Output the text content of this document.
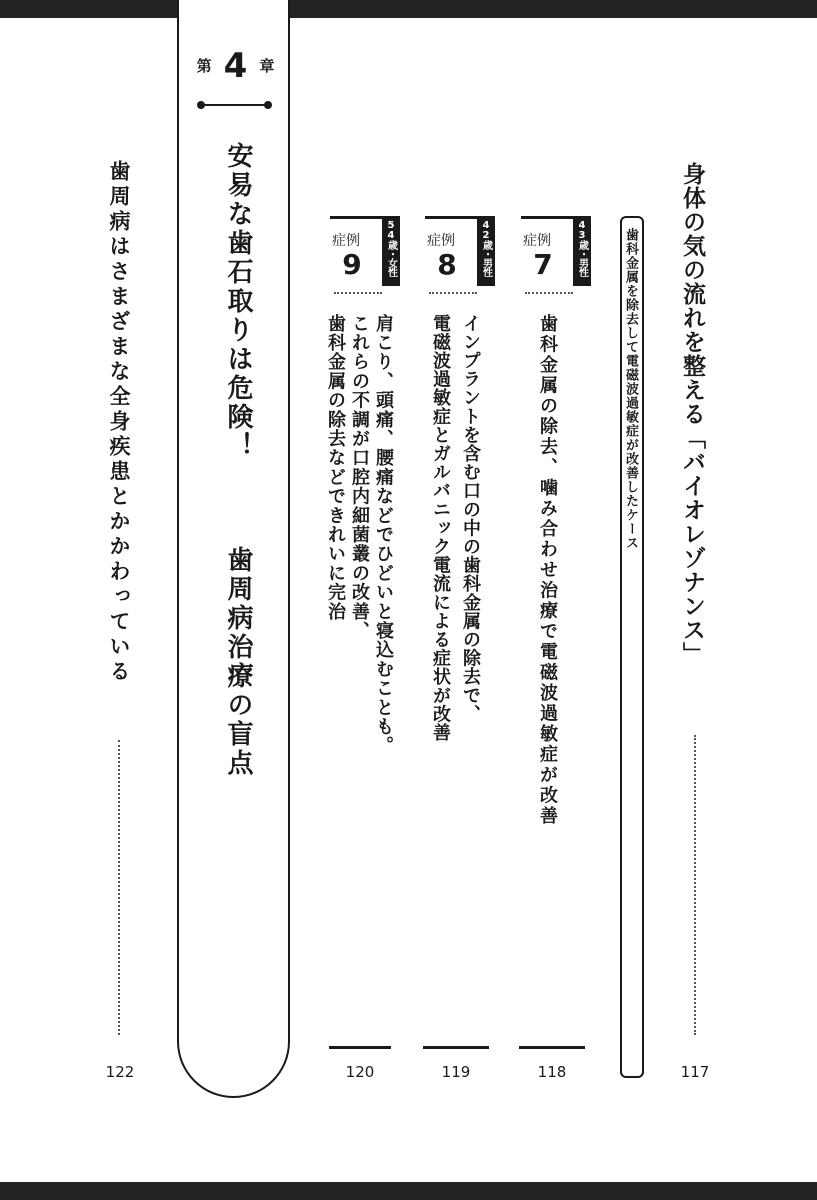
身体の気の流れを整える「バイオレゾナンス」
117
歯科金属を除去して電磁波過敏症が改善したケース
症例
7	43歳・男性
歯科金属の除去、噛み合わせ治療で電磁波過敏症が改善
118
症例
8	42歳・男性
インプラントを含む口の中の歯科金属の除去で、
電磁波過敏症とガルバニック電流による症状が改善
119
症例
9	54歳・女性
肩こり、頭痛、腰痛などでひどいと寝込むことも。
これらの不調が口腔内細菌叢の改善、
歯科金属の除去などできれいに完治
120
第 4 章
安易な歯石取りは危険！
歯周病治療の盲点
歯周病はさまざまな全身疾患とかかわっている
122
